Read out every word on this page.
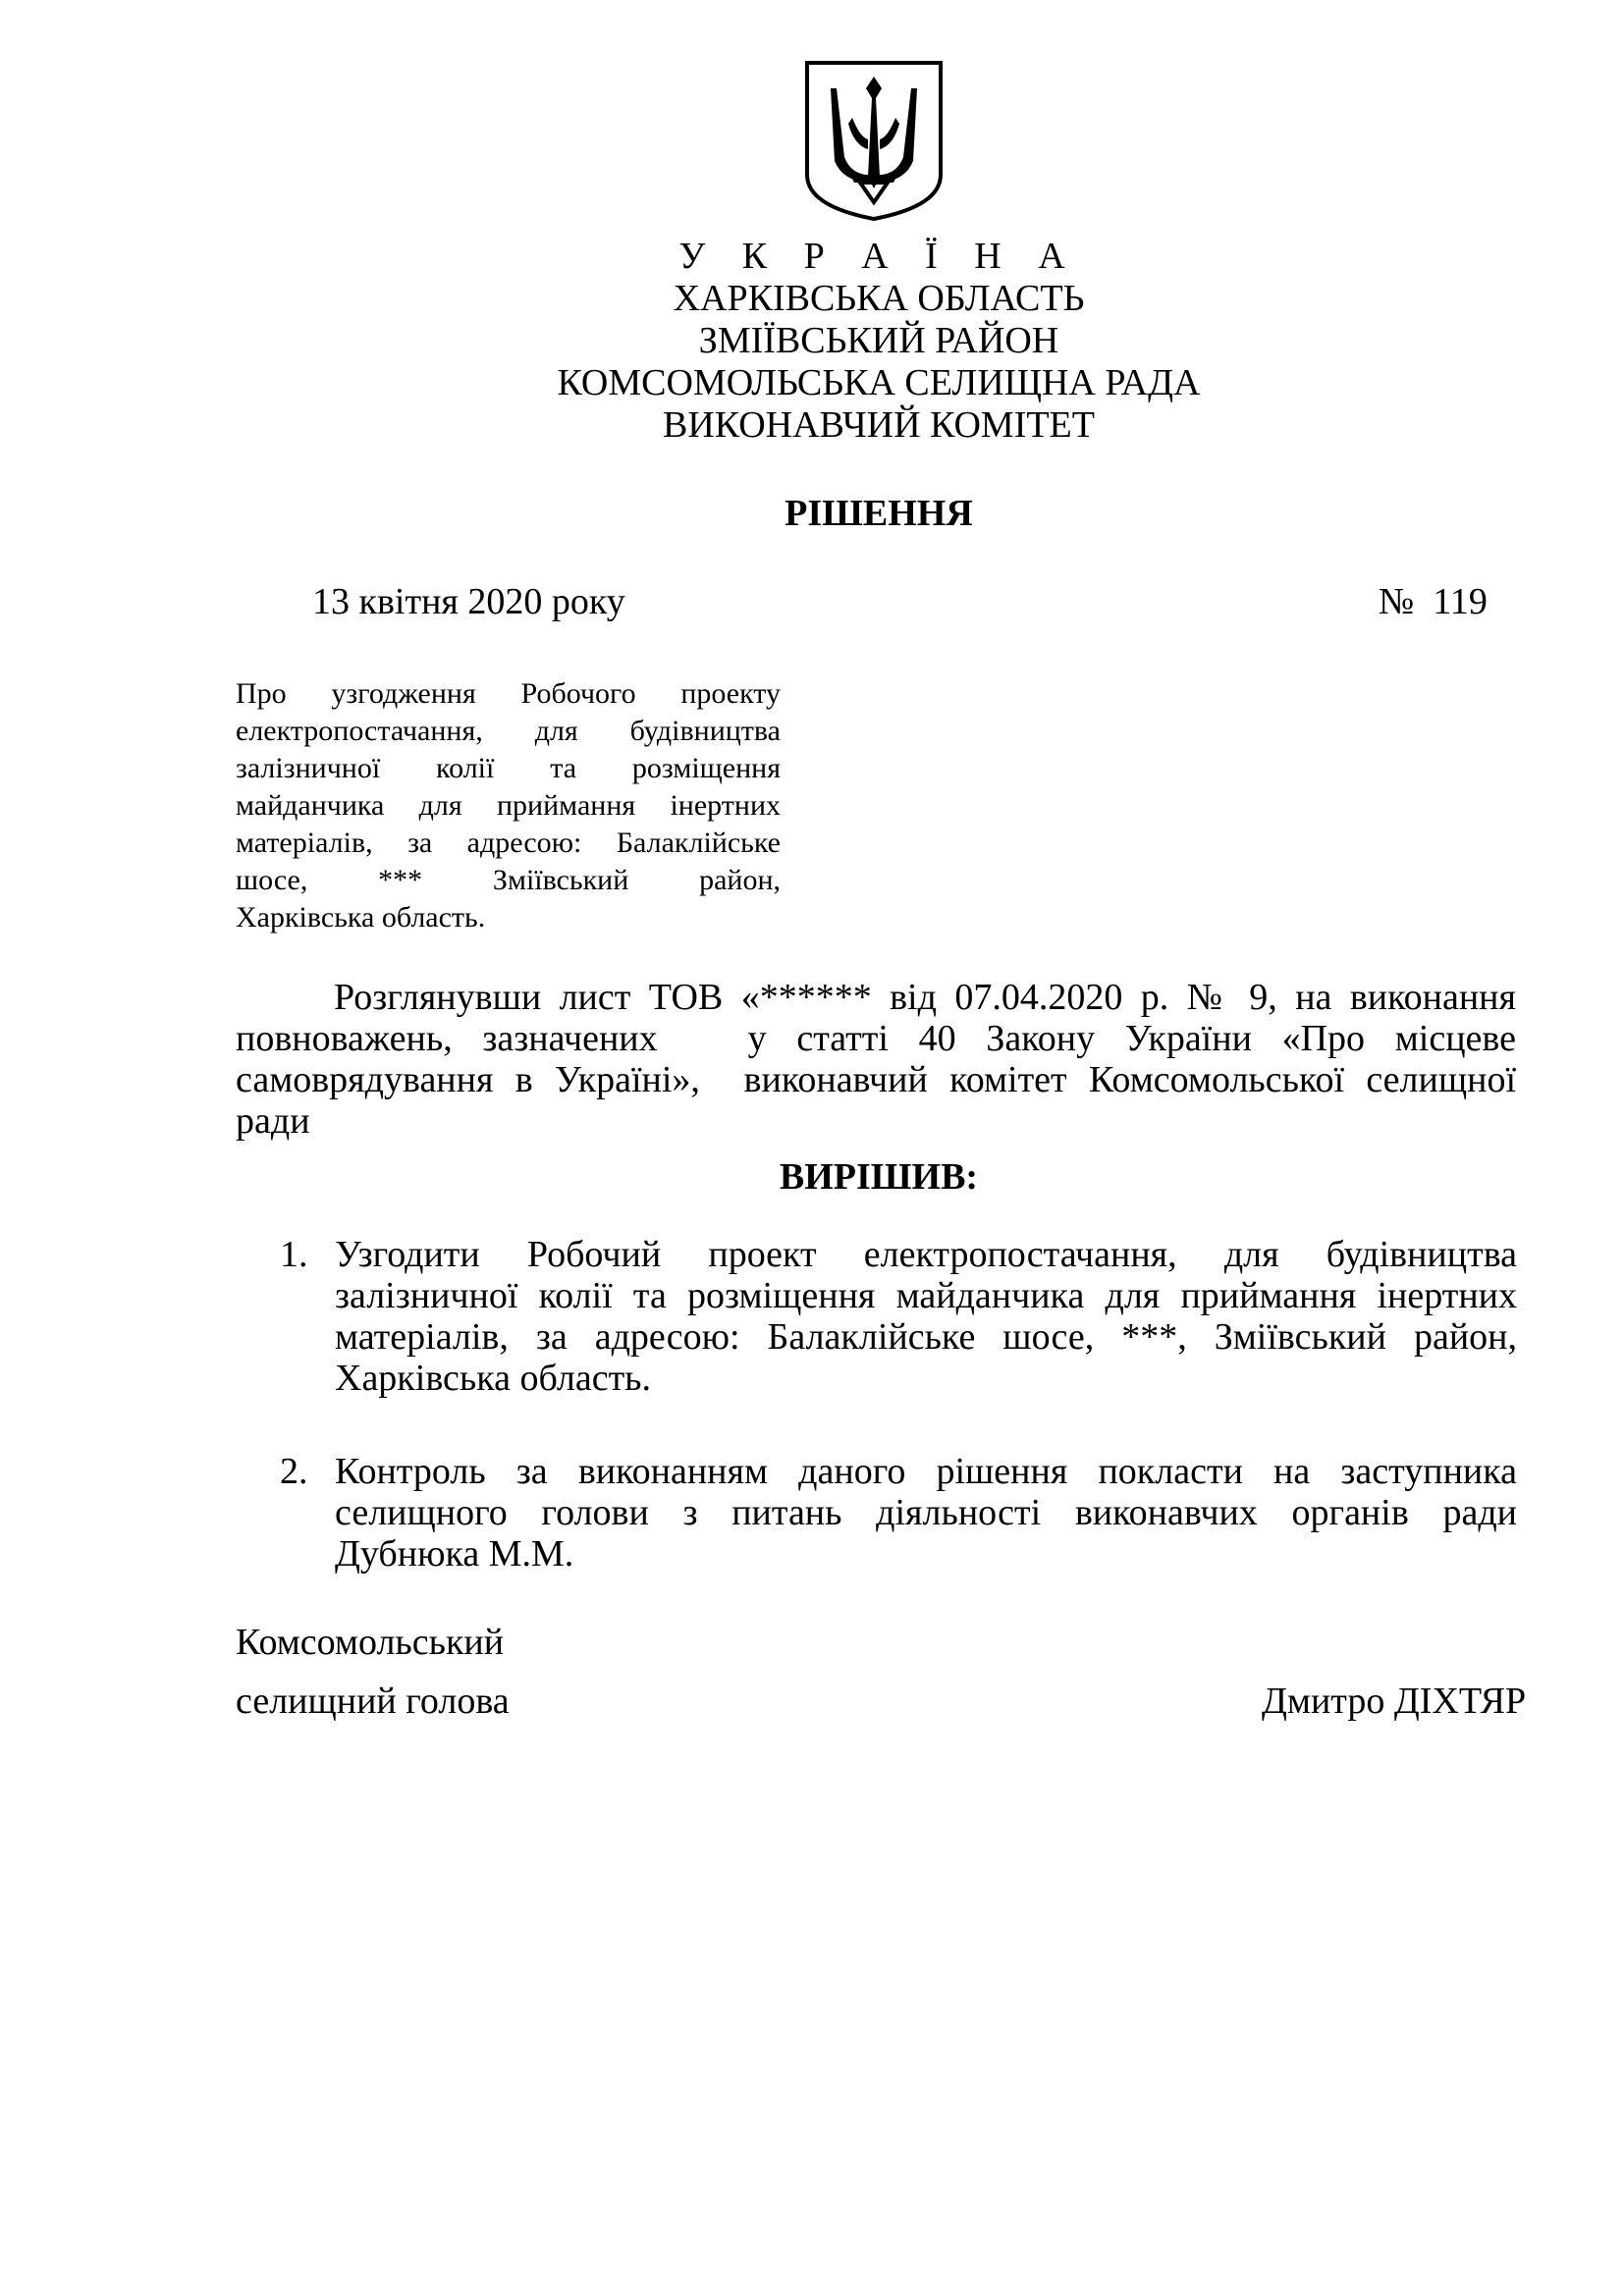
У К Р А Ї Н А
ХАРКІВСЬКА ОБЛАСТЬ
ЗМІЇВСЬКИЙ РАЙОН
КОМСОМОЛЬСЬКА СЕЛИЩНА РАДА
ВИКОНАВЧИЙ КОМІТЕТ
РІШЕННЯ
13 квітня 2020 року	№  119
Про узгодження Робочого проекту
електропостачання, для будівництва
залізничної колії та розміщення
майданчика для приймання інертних
матеріалів, за адресою: Балаклійське
шосе, *** Зміївський район,
Харківська область.
Розглянувши лист ТОВ «****** від 07.04.2020 р. № 9, на виконання
повноважень, зазначених   у статті 40 Закону України «Про місцеве
самоврядування в Україні»,  виконавчий комітет Комсомольської селищної
ради
ВИРІШИВ:
1. Узгодити Робочий проект електропостачання, для будівництва
залізничної колії та розміщення майданчика для приймання інертних
матеріалів, за адресою: Балаклійське шосе, ***, Зміївський район,
Харківська область.
2. Контроль за виконанням даного рішення покласти на заступника
селищного голови з питань діяльності виконавчих органів ради
Дубнюка М.М.
Комсомольський
селищний голова	Дмитро ДІХТЯР
